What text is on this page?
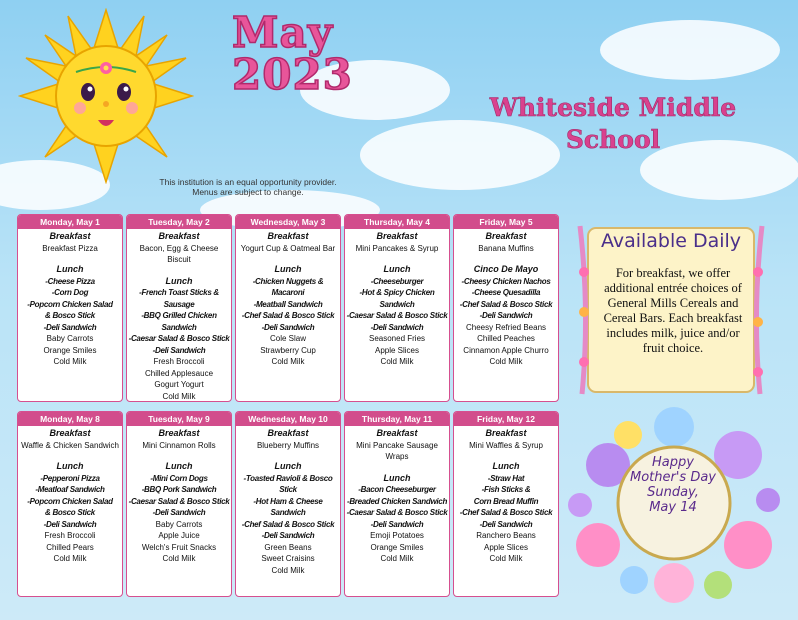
May
2023
Whiteside Middle School
This institution is an equal opportunity provider.
Menus are subject to change.
Monday, May 1
Breakfast
Breakfast Pizza
Lunch
-Cheese Pizza
-Corn Dog
-Popcorn Chicken Salad
& Bosco Stick
-Deli Sandwich
Baby Carrots
Orange Smiles
Cold Milk
Tuesday, May 2
Breakfast
Bacon, Egg & Cheese Biscuit
Lunch
-French Toast Sticks & Sausage
-BBQ Grilled Chicken Sandwich
-Caesar Salad & Bosco Stick
-Deli Sandwich
Fresh Broccoli
Chilled Applesauce
Gogurt Yogurt
Cold Milk
Wednesday, May 3
Breakfast
Yogurt Cup & Oatmeal Bar
Lunch
-Chicken Nuggets & Macaroni
-Meatball Sandwich
-Chef Salad & Bosco Stick
-Deli Sandwich
Cole Slaw
Strawberry Cup
Cold Milk
Thursday, May 4
Breakfast
Mini Pancakes & Syrup
Lunch
-Cheeseburger
-Hot & Spicy Chicken
Sandwich
-Caesar Salad & Bosco Stick
-Deli Sandwich
Seasoned Fries
Apple Slices
Cold Milk
Friday, May 5
Breakfast
Banana Muffins
Cinco De Mayo
-Cheesy Chicken Nachos
-Cheese Quesadilla
-Chef Salad & Bosco Stick
-Deli Sandwich
Cheesy Refried Beans
Chilled Peaches
Cinnamon Apple Churro
Cold Milk
Monday, May 8
Breakfast
Waffle & Chicken Sandwich
Lunch
-Pepperoni Pizza
-Meatloaf Sandwich
-Popcorn Chicken Salad
& Bosco Stick
-Deli Sandwich
Fresh Broccoli
Chilled Pears
Cold Milk
Tuesday, May 9
Breakfast
Mini Cinnamon Rolls
Lunch
-Mini Corn Dogs
-BBQ Pork Sandwich
-Caesar Salad & Bosco Stick
-Deli Sandwich
Baby Carrots
Apple Juice
Welch's Fruit Snacks
Cold Milk
Wednesday, May 10
Breakfast
Blueberry Muffins
Lunch
-Toasted Ravioli & Bosco Stick
-Hot Ham & Cheese Sandwich
-Chef Salad & Bosco Stick
-Deli Sandwich
Green Beans
Sweet Craisins
Cold Milk
Thursday, May 11
Breakfast
Mini Pancake Sausage
Wraps
Lunch
-Bacon Cheeseburger
-Breaded Chicken Sandwich
-Caesar Salad & Bosco Stick
-Deli Sandwich
Emoji Potatoes
Orange Smiles
Cold Milk
Friday, May 12
Breakfast
Mini Waffles & Syrup
Lunch
-Straw Hat
-Fish Sticks &
Corn Bread Muffin
-Chef Salad & Bosco Stick
-Deli Sandwich
Ranchero Beans
Apple Slices
Cold Milk
Available Daily
For breakfast, we offer additional entrée choices of General Mills Cereals and Cereal Bars. Each breakfast includes milk, juice and/or fruit choice.
Happy
Mother's Day
Sunday,
May 14
